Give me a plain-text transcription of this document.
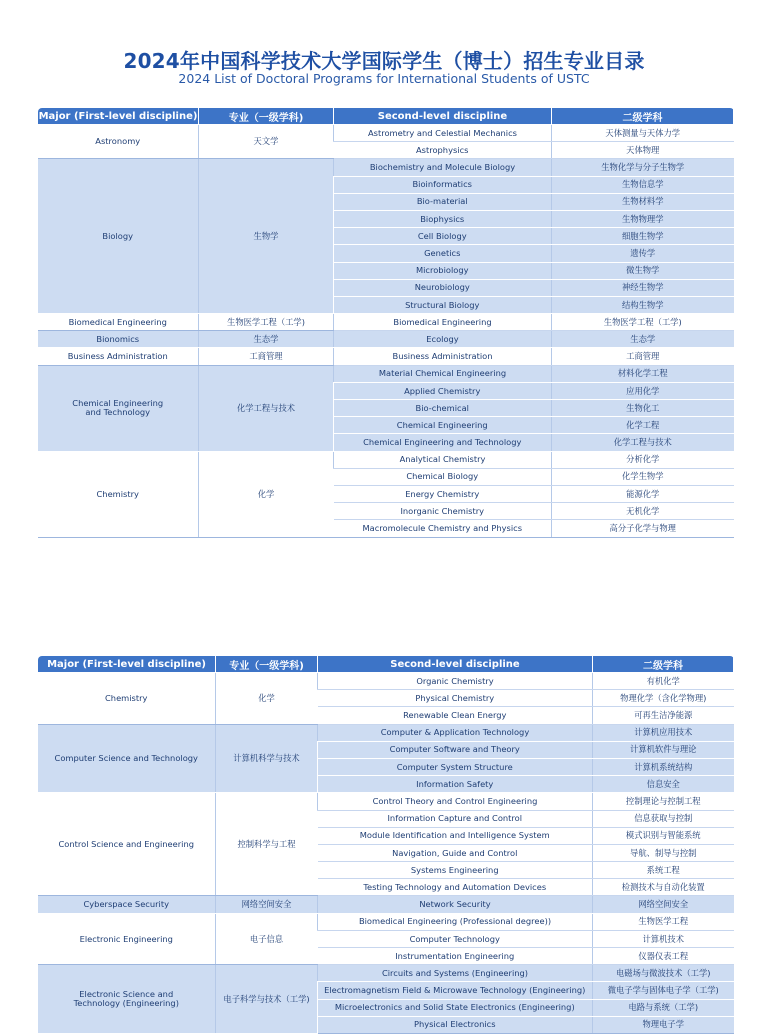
2024年中国科学技术大学国际学生（博士）招生专业目录
2024 List of Doctoral Programs for International Students of USTC
Major (First-level discipline)	专业（一级学科)	Second-level discipline	二级学科
Astronomy	天文学	Astrometry and Celestial Mechanics	天体测量与天体力学
		Astrophysics	天体物理
Biology	生物学	Biochemistry and Molecule Biology	生物化学与分子生物学
		Bioinformatics	生物信息学
		Bio-material	生物材料学
		Biophysics	生物物理学
		Cell Biology	细胞生物学
		Genetics	遗传学
		Microbiology	微生物学
		Neurobiology	神经生物学
		Structural Biology	结构生物学
Biomedical Engineering	生物医学工程（工学)	Biomedical Engineering	生物医学工程（工学)
Bionomics	生态学	Ecology	生态学
Business Administration	工商管理	Business Administration	工商管理
Chemical Engineering
and Technology	化学工程与技术	Material Chemical Engineering	材料化学工程
		Applied Chemistry	应用化学
		Bio-chemical	生物化工
		Chemical Engineering	化学工程
		Chemical Engineering and Technology	化学工程与技术
Chemistry	化学	Analytical Chemistry	分析化学
		Chemical Biology	化学生物学
		Energy Chemistry	能源化学
		Inorganic Chemistry	无机化学
		Macromolecule Chemistry and Physics	高分子化学与物理
Major (First-level discipline)	专业（一级学科)	Second-level discipline	二级学科
Chemistry	化学	Organic Chemistry	有机化学
		Physical Chemistry	物理化学（含化学物理)
		Renewable Clean Energy	可再生洁净能源
Computer Science and Technology	计算机科学与技术	Computer & Application Technology	计算机应用技术
		Computer Software and Theory	计算机软件与理论
		Computer System Structure	计算机系统结构
		Information Safety	信息安全
Control Science and Engineering	控制科学与工程	Control Theory and Control Engineering	控制理论与控制工程
		Information Capture and Control	信息获取与控制
		Module Identification and Intelligence System	模式识别与智能系统
		Navigation, Guide and Control	导航、制导与控制
		Systems Engineering	系统工程
		Testing Technology and Automation Devices	检测技术与自动化装置
Cyberspace Security	网络空间安全	Network Security	网络空间安全
Electronic Engineering	电子信息	Biomedical Engineering (Professional degree))	生物医学工程
		Computer Technology	计算机技术
		Instrumentation Engineering	仪器仪表工程
Electronic Science and
Technology (Engineering)	电子科学与技术（工学)	Circuits and Systems (Engineering)	电磁场与微波技术（工学)
		Electromagnetism Field & Microwave Technology (Engineering)	微电子学与固体电子学（工学)
		Microelectronics and Solid State Electronics (Engineering)	电路与系统（工学)
		Physical Electronics	物理电子学
